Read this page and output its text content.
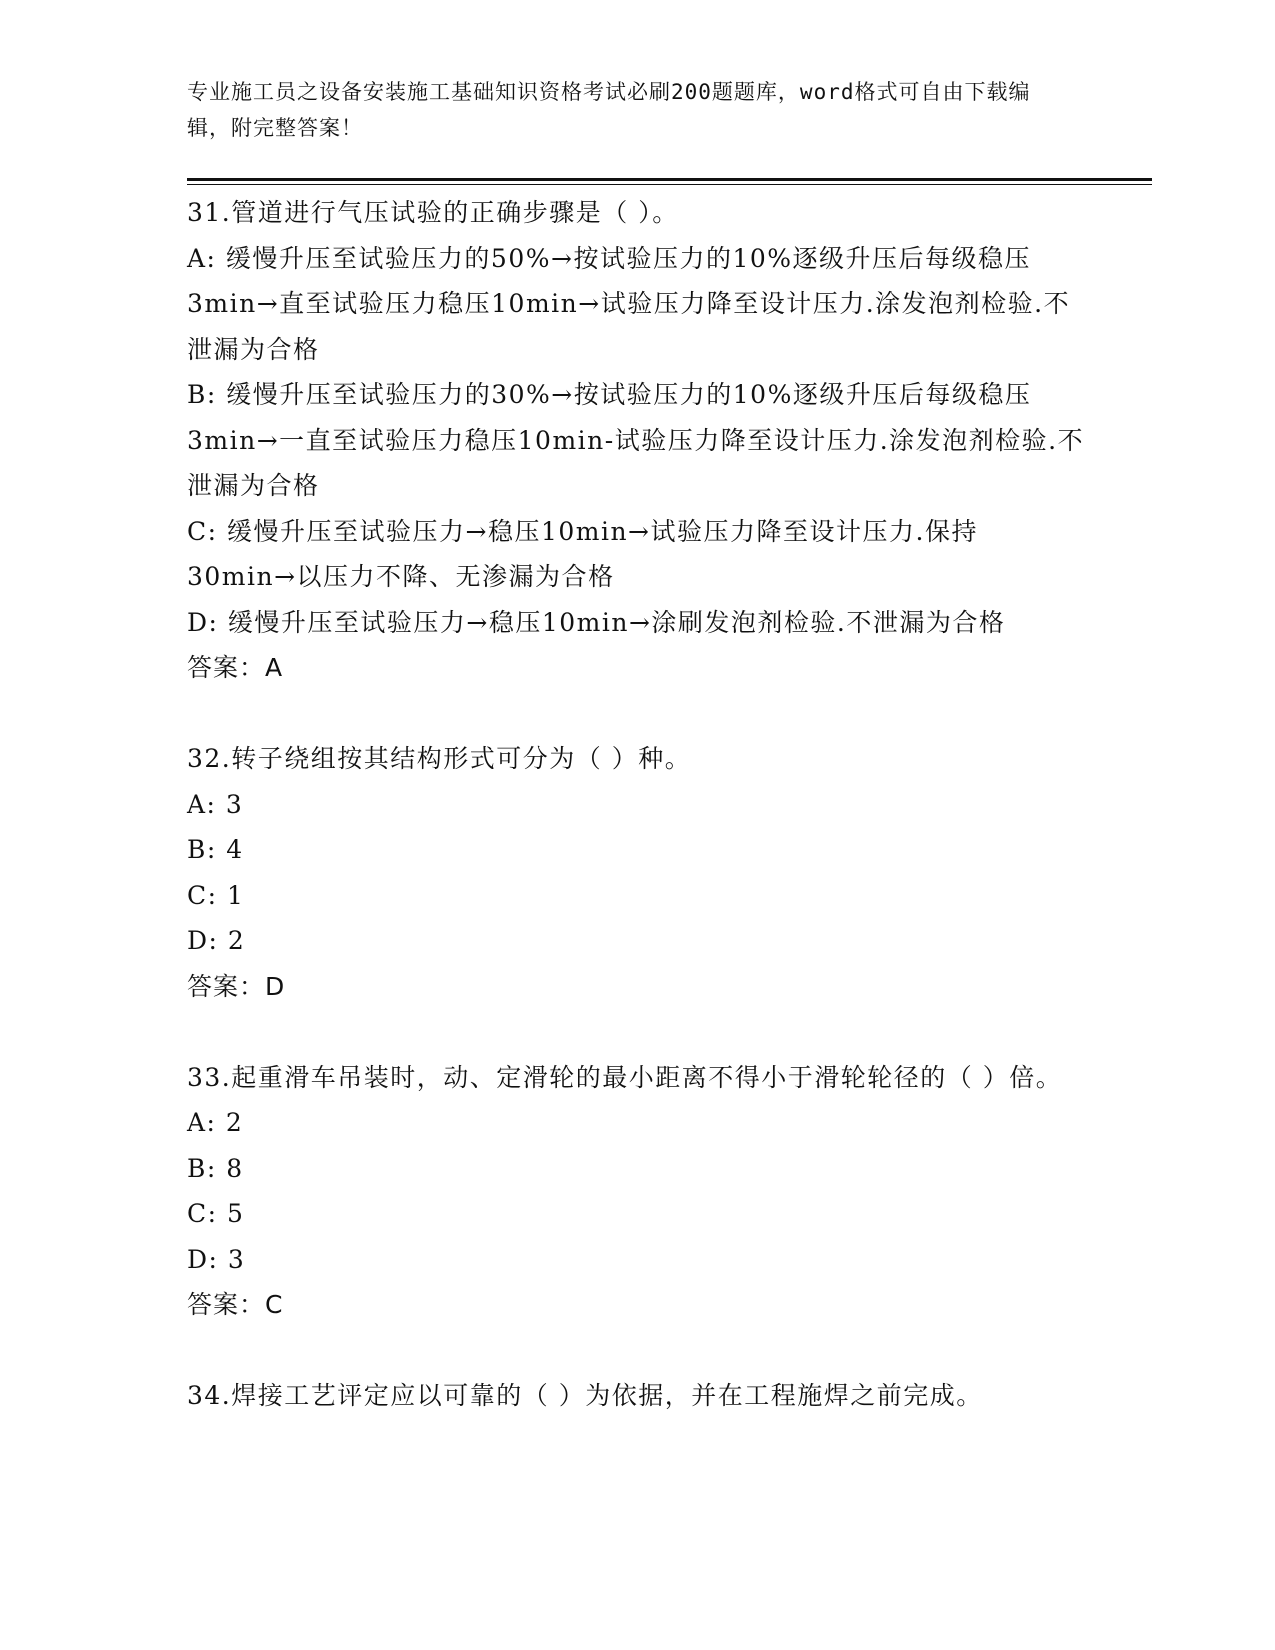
专业施工员之设备安装施工基础知识资格考试必刷200题题库，word格式可自由下载编辑，附完整答案！
31.管道进行气压试验的正确步骤是（ ）。
A: 缓慢升压至试验压力的50%→按试验压力的10%逐级升压后每级稳压3min→直至试验压力稳压10min→试验压力降至设计压力.涂发泡剂检验.不泄漏为合格
B: 缓慢升压至试验压力的30%→按试验压力的10%逐级升压后每级稳压3min→一直至试验压力稳压10min-试验压力降至设计压力.涂发泡剂检验.不泄漏为合格
C: 缓慢升压至试验压力→稳压10min→试验压力降至设计压力.保持30min→以压力不降、无渗漏为合格
D: 缓慢升压至试验压力→稳压10min→涂刷发泡剂检验.不泄漏为合格
答案：A
32.转子绕组按其结构形式可分为（ ）种。
A: 3
B: 4
C: 1
D: 2
答案：D
33.起重滑车吊装时，动、定滑轮的最小距离不得小于滑轮轮径的（ ）倍。
A: 2
B: 8
C: 5
D: 3
答案：C
34.焊接工艺评定应以可靠的（ ）为依据，并在工程施焊之前完成。
